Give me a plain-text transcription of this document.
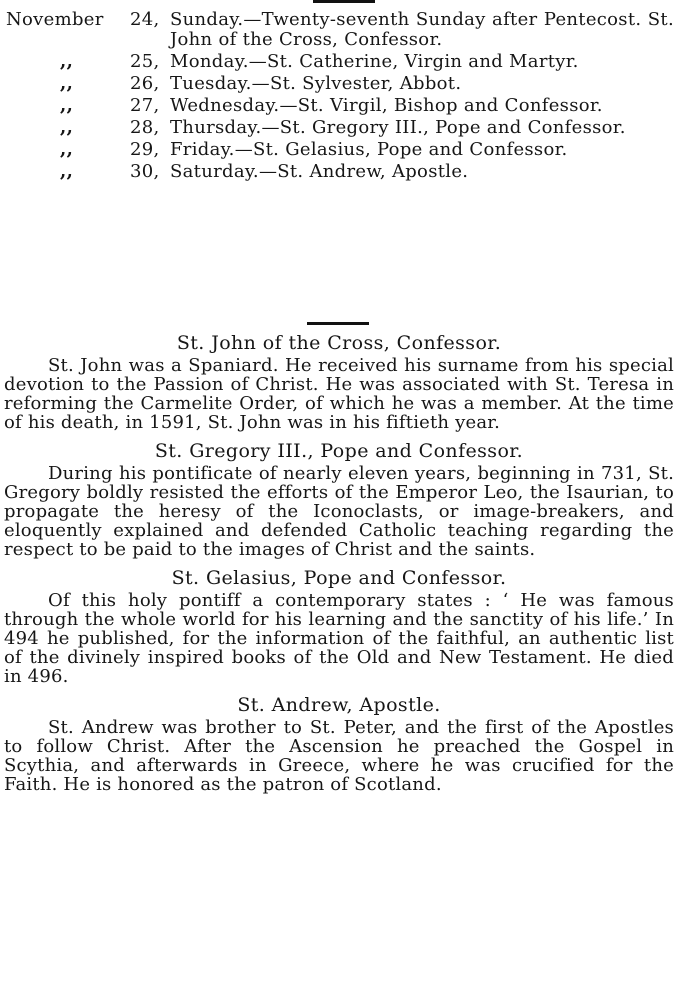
November	24, Sunday.—Twenty-seventh Sunday after Pentecost. St. John of the Cross, Confessor.
,,	25, Monday.—St. Catherine, Virgin and Martyr.
,,	26, Tuesday.—St. Sylvester, Abbot.
,,	27, Wednesday.—St. Virgil, Bishop and Confessor.
,,	28, Thursday.—St. Gregory III., Pope and Confessor.
,,	29, Friday.—St. Gelasius, Pope and Confessor.
,,	30, Saturday.—St. Andrew, Apostle.
St. John of the Cross, Confessor.

St. John was a Spaniard. He received his surname from his special devotion to the Passion of Christ. He was associated with St. Teresa in reforming the Carmelite Order, of which he was a member. At the time of his death, in 1591, St. John was in his fiftieth year.

St. Gregory III., Pope and Confessor.

During his pontificate of nearly eleven years, beginning in 731, St. Gregory boldly resisted the efforts of the Emperor Leo, the Isaurian, to propagate the heresy of the Iconoclasts, or image-breakers, and eloquently explained and defended Catholic teaching regarding the respect to be paid to the images of Christ and the saints.

St. Gelasius, Pope and Confessor.

Of this holy pontiff a contemporary states : ‘ He was famous through the whole world for his learning and the sanctity of his life.’ In 494 he published, for the information of the faithful, an authentic list of the divinely inspired books of the Old and New Testament. He died in 496.

St. Andrew, Apostle.

St. Andrew was brother to St. Peter, and the first of the Apostles to follow Christ. After the Ascension he preached the Gospel in Scythia, and afterwards in Greece, where he was crucified for the Faith. He is honored as the patron of Scotland.
